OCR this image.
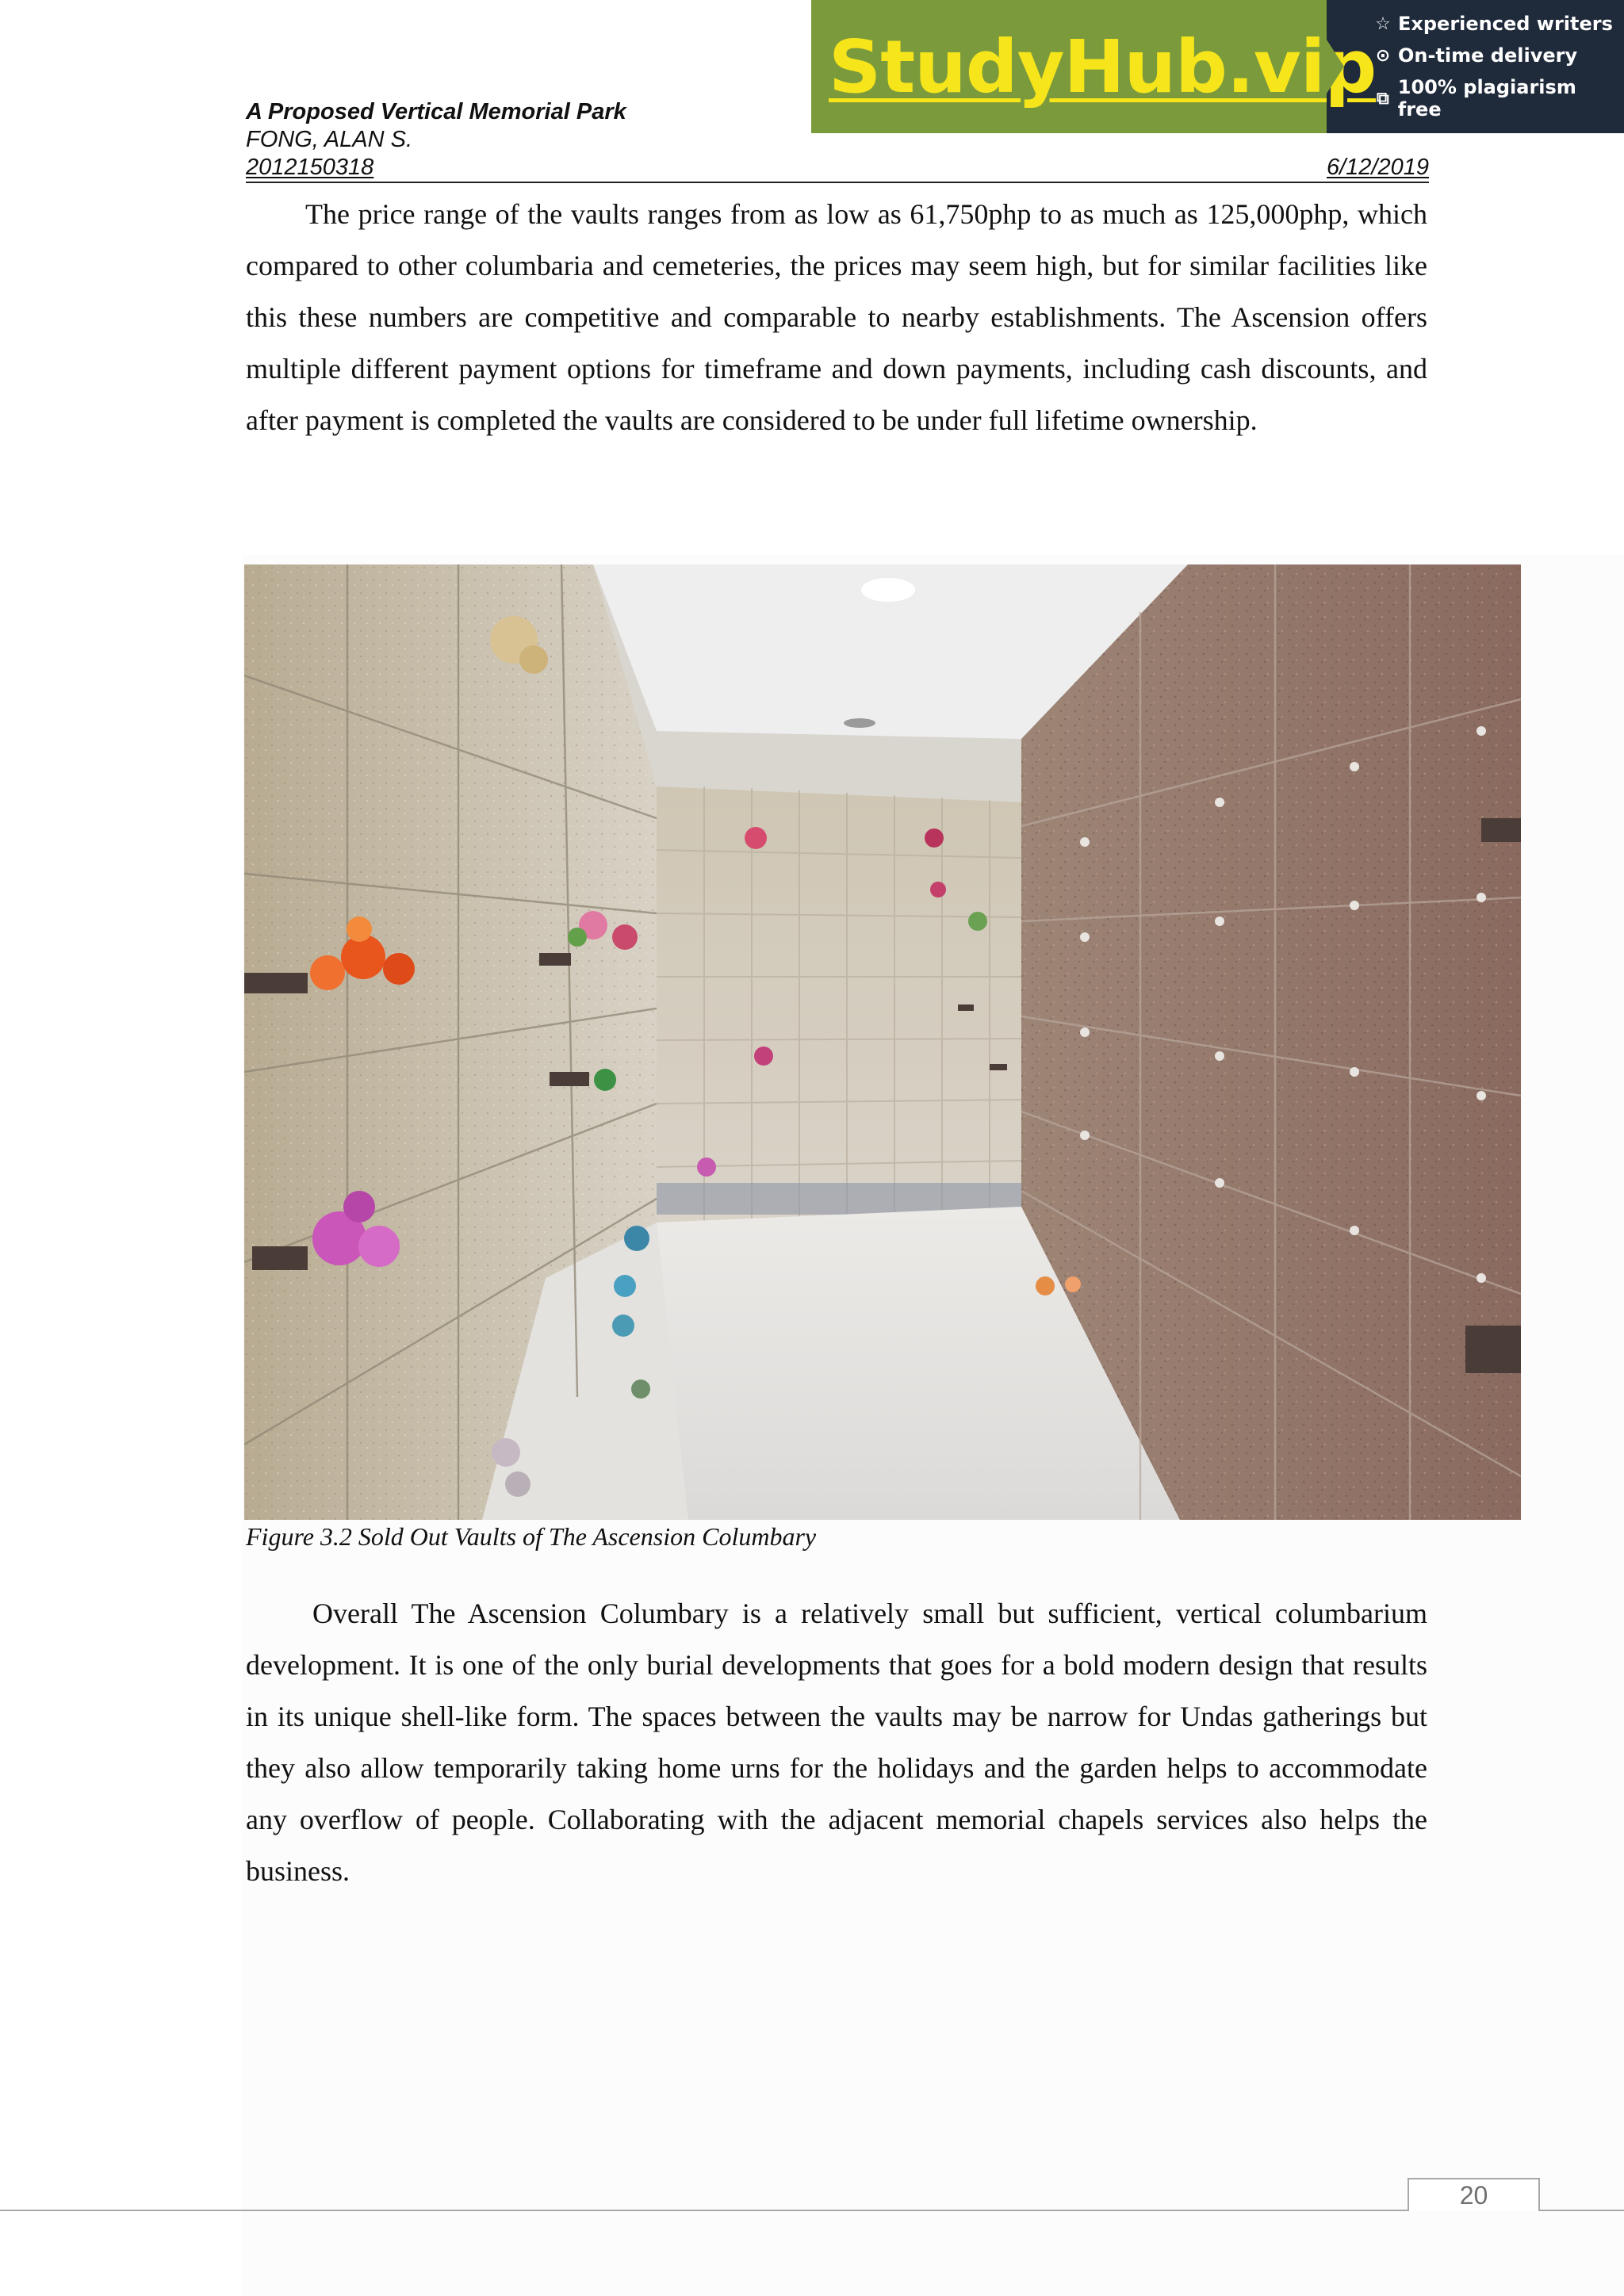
StudyHub.vip
☆ Experienced writers
⊙ On-time delivery
⧉ 100% plagiarism free
A Proposed Vertical Memorial Park
FONG, ALAN S.
2012150318	6/12/2019

The price range of the vaults ranges from as low as 61,750php to as much as 125,000php, which compared to other columbaria and cemeteries, the prices may seem high, but for similar facilities like this these numbers are competitive and comparable to nearby establishments. The Ascension offers multiple different payment options for timeframe and down payments, including cash discounts, and after payment is completed the vaults are considered to be under full lifetime ownership.

Figure 3.2 Sold Out Vaults of The Ascension Columbary

Overall The Ascension Columbary is a relatively small but sufficient, vertical columbarium development. It is one of the only burial developments that goes for a bold modern design that results in its unique shell-like form. The spaces between the vaults may be narrow for Undas gatherings but they also allow temporarily taking home urns for the holidays and the garden helps to accommodate any overflow of people. Collaborating with the adjacent memorial chapels services also helps the business.

20
